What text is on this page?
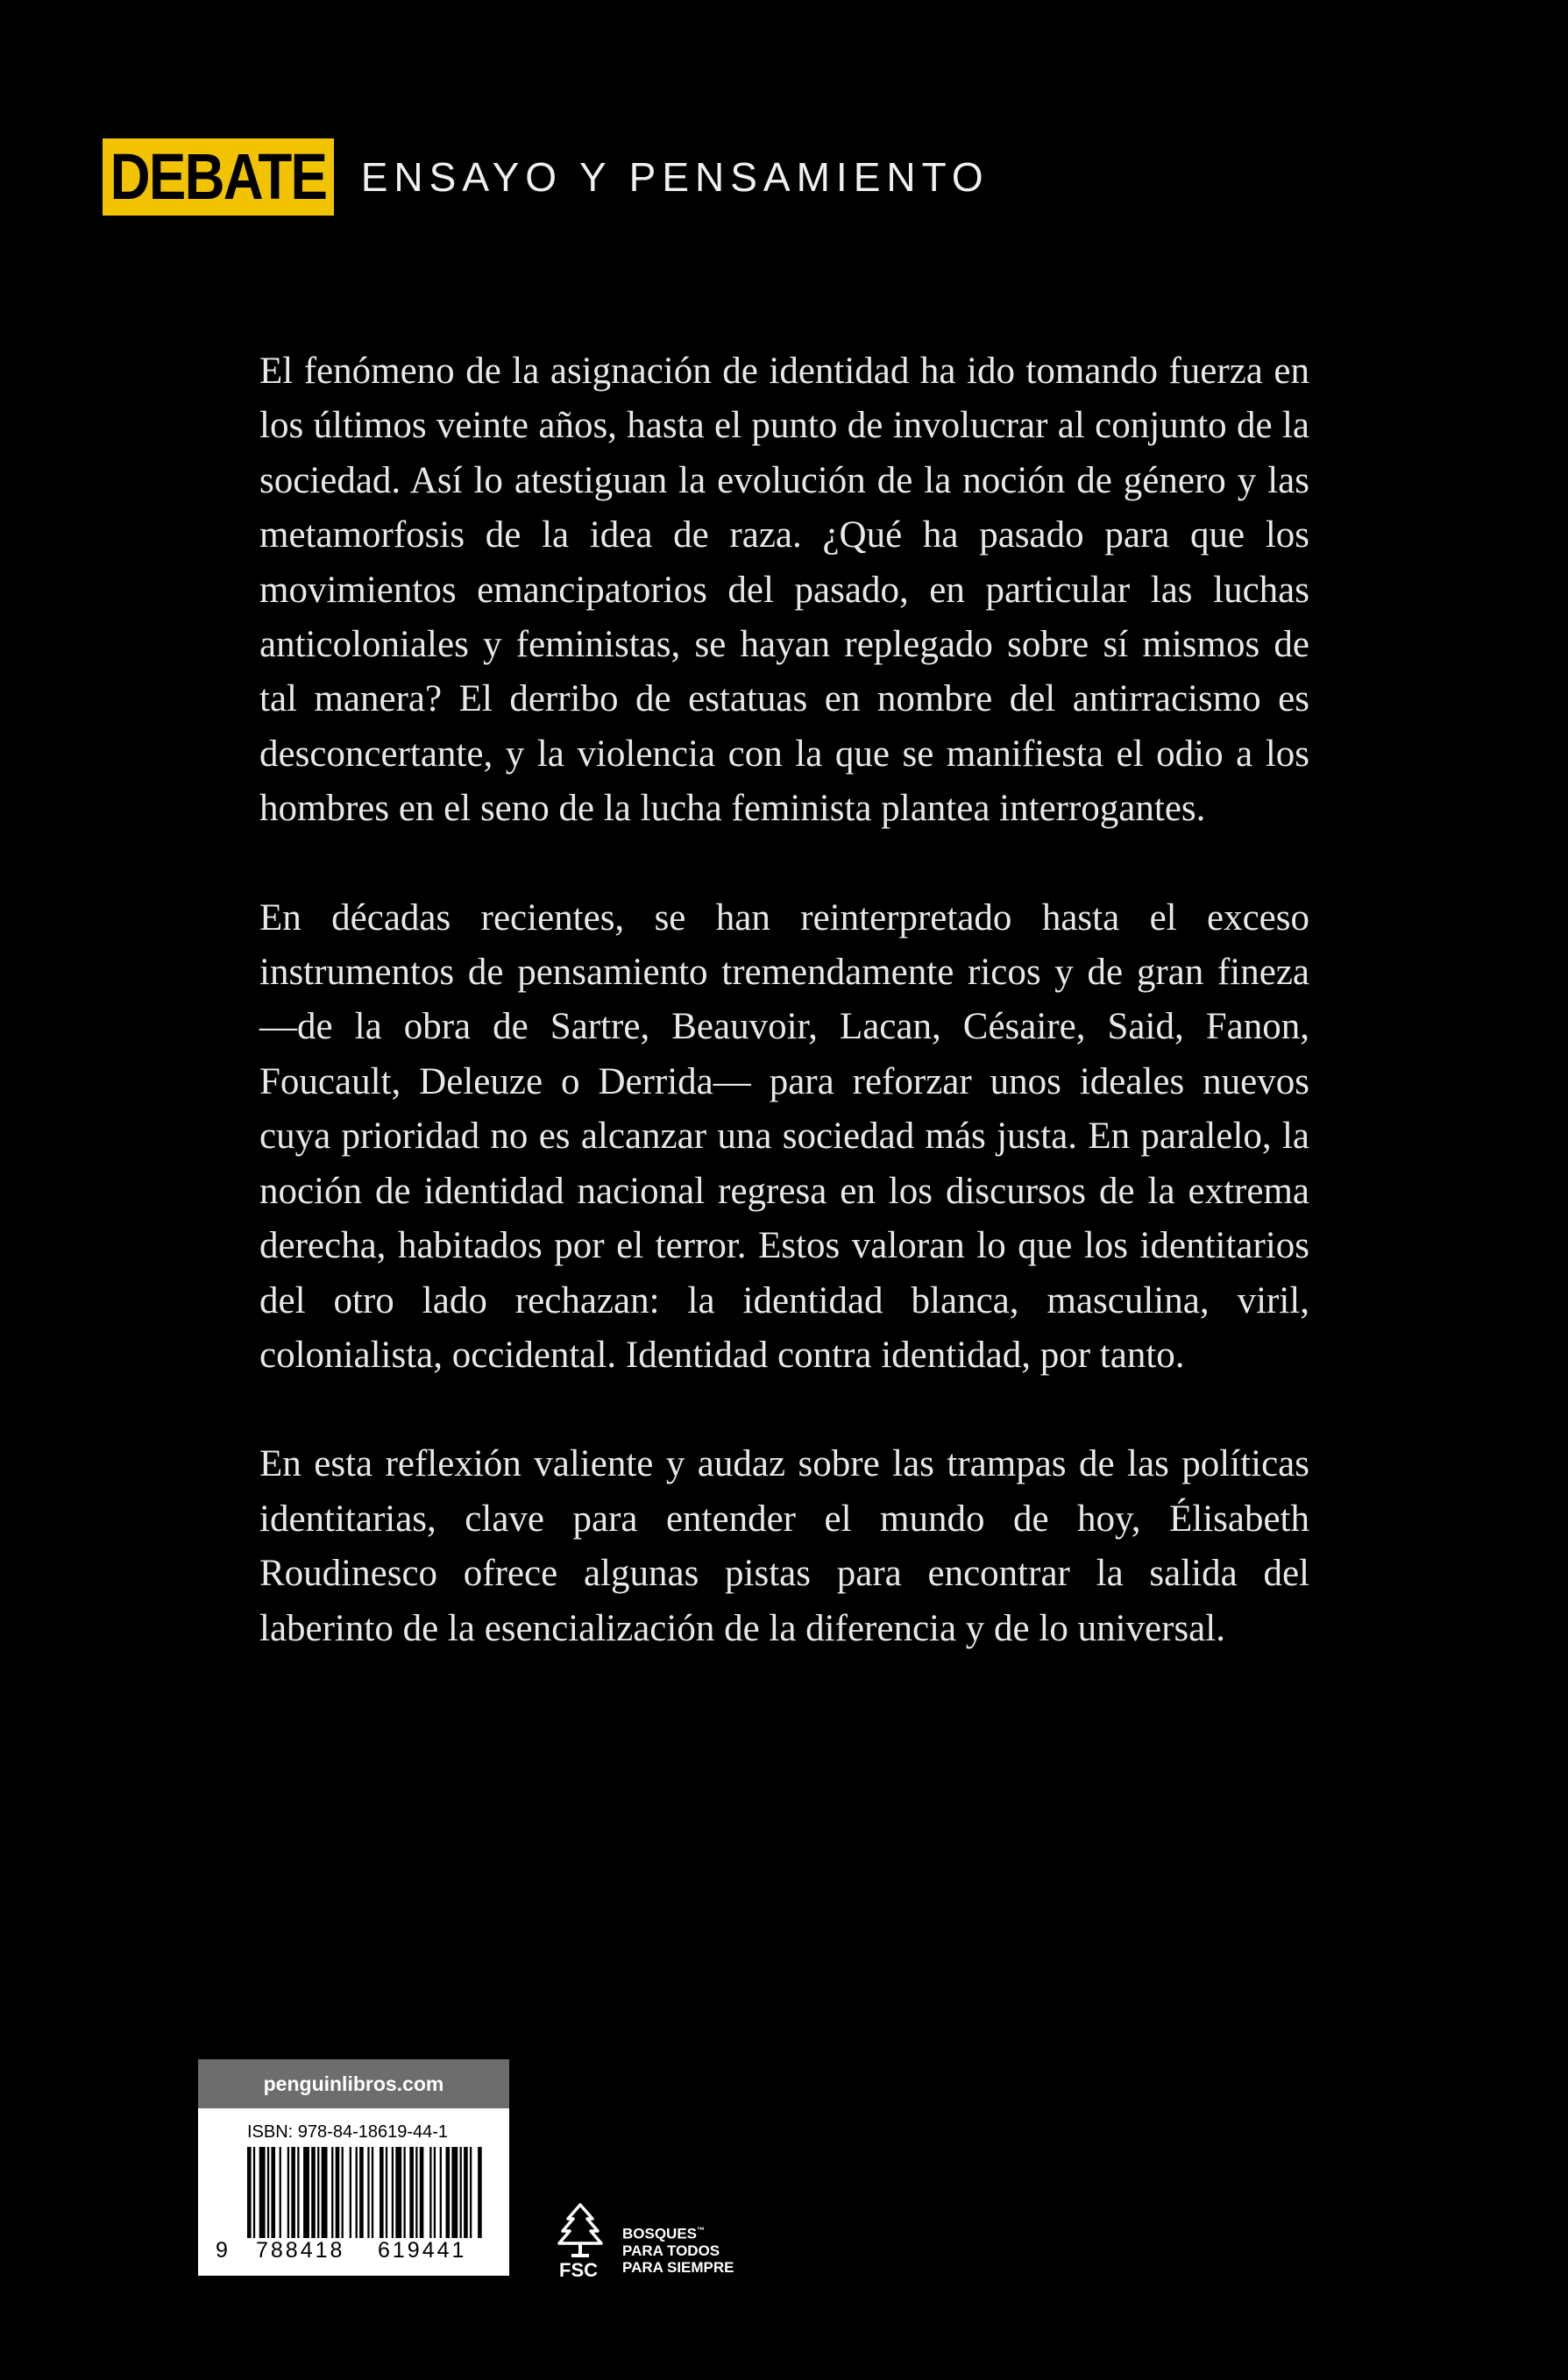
DEBATE ENSAYO Y PENSAMIENTO

El fenómeno de la asignación de identidad ha ido tomando fuerza en los últimos veinte años, hasta el punto de involucrar al conjunto de la sociedad. Así lo atestiguan la evolución de la noción de género y las metamorfosis de la idea de raza. ¿Qué ha pasado para que los movimientos emancipatorios del pasado, en particular las luchas anticoloniales y feministas, se hayan replegado sobre sí mismos de tal manera? El derribo de estatuas en nombre del antirracismo es desconcertante, y la violencia con la que se manifiesta el odio a los hombres en el seno de la lucha feminista plantea interrogantes.

En décadas recientes, se han reinterpretado hasta el exceso instrumentos de pensamiento tremendamente ricos y de gran fineza —de la obra de Sartre, Beauvoir, Lacan, Césaire, Said, Fanon, Foucault, Deleuze o Derrida— para reforzar unos ideales nuevos cuya prioridad no es alcanzar una sociedad más justa. En paralelo, la noción de identidad nacional regresa en los discursos de la extrema derecha, habitados por el terror. Estos valoran lo que los identitarios del otro lado rechazan: la identidad blanca, masculina, viril, colonialista, occidental. Identidad contra identidad, por tanto.

En esta reflexión valiente y audaz sobre las trampas de las políticas identitarias, clave para entender el mundo de hoy, Élisabeth Roudinesco ofrece algunas pistas para encontrar la salida del laberinto de la esencialización de la diferencia y de lo universal.

penguinlibros.com
ISBN: 978-84-18619-44-1
9 788418 619441
FSC
BOSQUES™
PARA TODOS
PARA SIEMPRE
